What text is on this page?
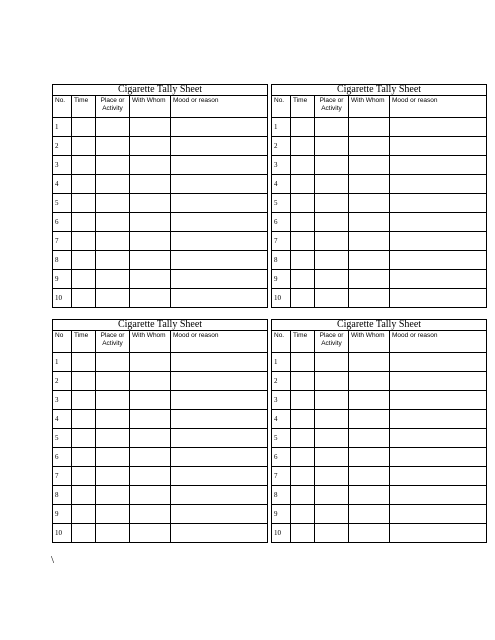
Cigarette Tally Sheet				
No.	Time	Place or Activity	With Whom	Mood or reason
1				
2				
3				
4				
5				
6				
7				
8				
9				
10				
Cigarette Tally Sheet				
No.	Time	Place or Activity	With Whom	Mood or reason
1				
2				
3				
4				
5				
6				
7				
8				
9				
10				
Cigarette Tally Sheet				
No	Time	Place or Activity	With Whom	Mood or reason
1				
2				
3				
4				
5				
6				
7				
8				
9				
10				
Cigarette Tally Sheet				
No.	Time	Place or Activity	With Whom	Mood or reason
1				
2				
3				
4				
5				
6				
7				
8				
9				
10				
\
